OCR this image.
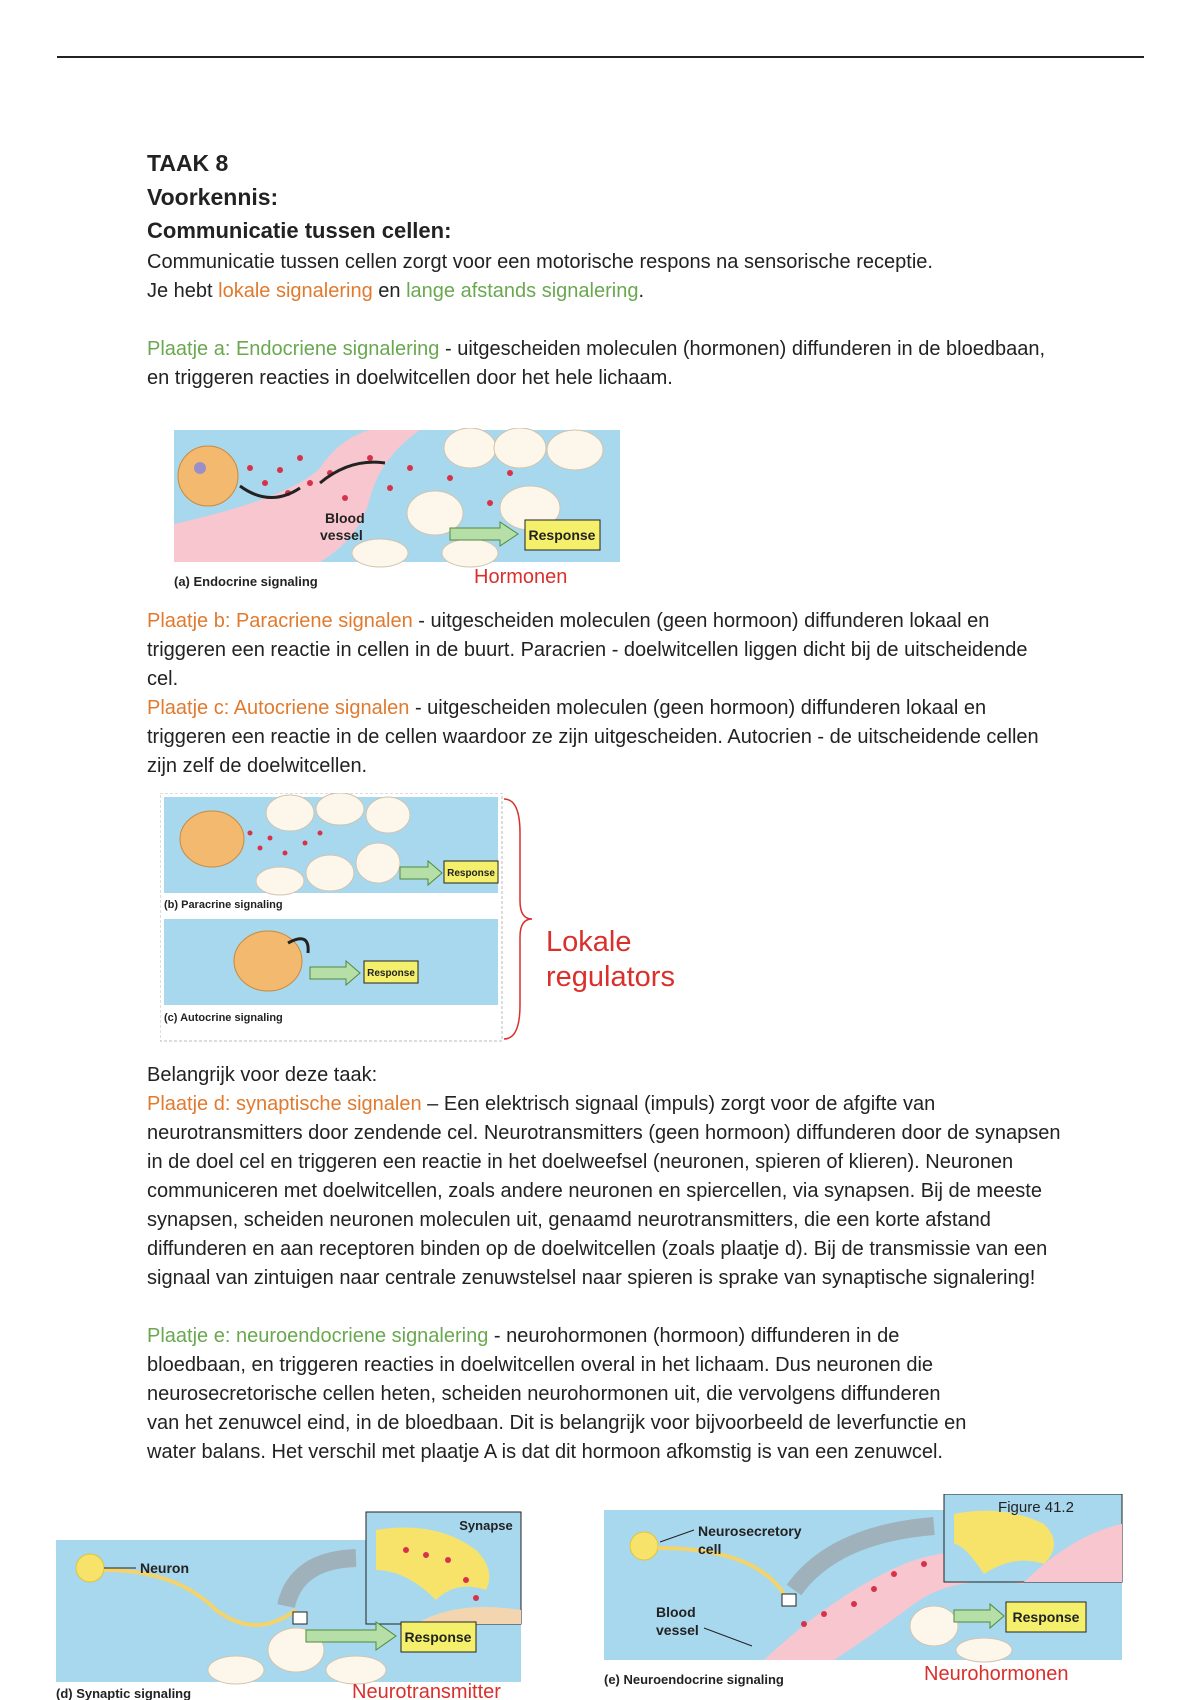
TAAK 8
Voorkennis:
Communicatie tussen cellen:

Communicatie tussen cellen zorgt voor een motorische respons na sensorische receptie.

Je hebt lokale signalering en lange afstands signalering.

Plaatje a: Endocriene signalering - uitgescheiden moleculen (hormonen) diffunderen in de bloedbaan, en triggeren reacties in doelwitcellen door het hele lichaam.

Plaatje b: Paracriene signalen - uitgescheiden moleculen (geen hormoon) diffunderen lokaal en triggeren een reactie in cellen in de buurt. Paracrien - doelwitcellen liggen dicht bij de uitscheidende cel.

Plaatje c: Autocriene signalen - uitgescheiden moleculen (geen hormoon) diffunderen lokaal en triggeren een reactie in de cellen waardoor ze zijn uitgescheiden. Autocrien - de uitscheidende cellen zijn zelf de doelwitcellen.

Belangrijk voor deze taak:

Plaatje d: synaptische signalen – Een elektrisch signaal (impuls) zorgt voor de afgifte van neurotransmitters door zendende cel. Neurotransmitters (geen hormoon) diffunderen door de synapsen in de doel cel en triggeren een reactie in het doelweefsel (neuronen, spieren of klieren). Neuronen communiceren met doelwitcellen, zoals andere neuronen en spiercellen, via synapsen. Bij de meeste synapsen, scheiden neuronen moleculen uit, genaamd neurotransmitters, die een korte afstand diffunderen en aan receptoren binden op de doelwitcellen (zoals plaatje d). Bij de transmissie van een signaal van zintuigen naar centrale zenuwstelsel naar spieren is sprake van synaptische signalering!

Plaatje e: neuroendocriene signalering - neurohormonen (hormoon) diffunderen in de bloedbaan, en triggeren reacties in doelwitcellen overal in het lichaam. Dus neuronen die neurosecretorische cellen heten, scheiden neurohormonen uit, die vervolgens diffunderen van het zenuwcel eind, in de bloedbaan. Dit is belangrijk voor bijvoorbeeld de leverfunctie en water balans. Het verschil met plaatje A is dat dit hormoon afkomstig is van een zenuwcel.

Response
Blood
vessel
(a) Endocrine signaling	Hormonen
Response
(b) Paracrine signaling
Response
(c) Autocrine signaling
Lokale
regulators
Neuron
Synapse
Response
(d) Synaptic signaling	Neurotransmitter
Neurosecretory
cell
Blood
vessel
Figure 41.2
Response
(e) Neuroendocrine signaling	Neurohormonen
